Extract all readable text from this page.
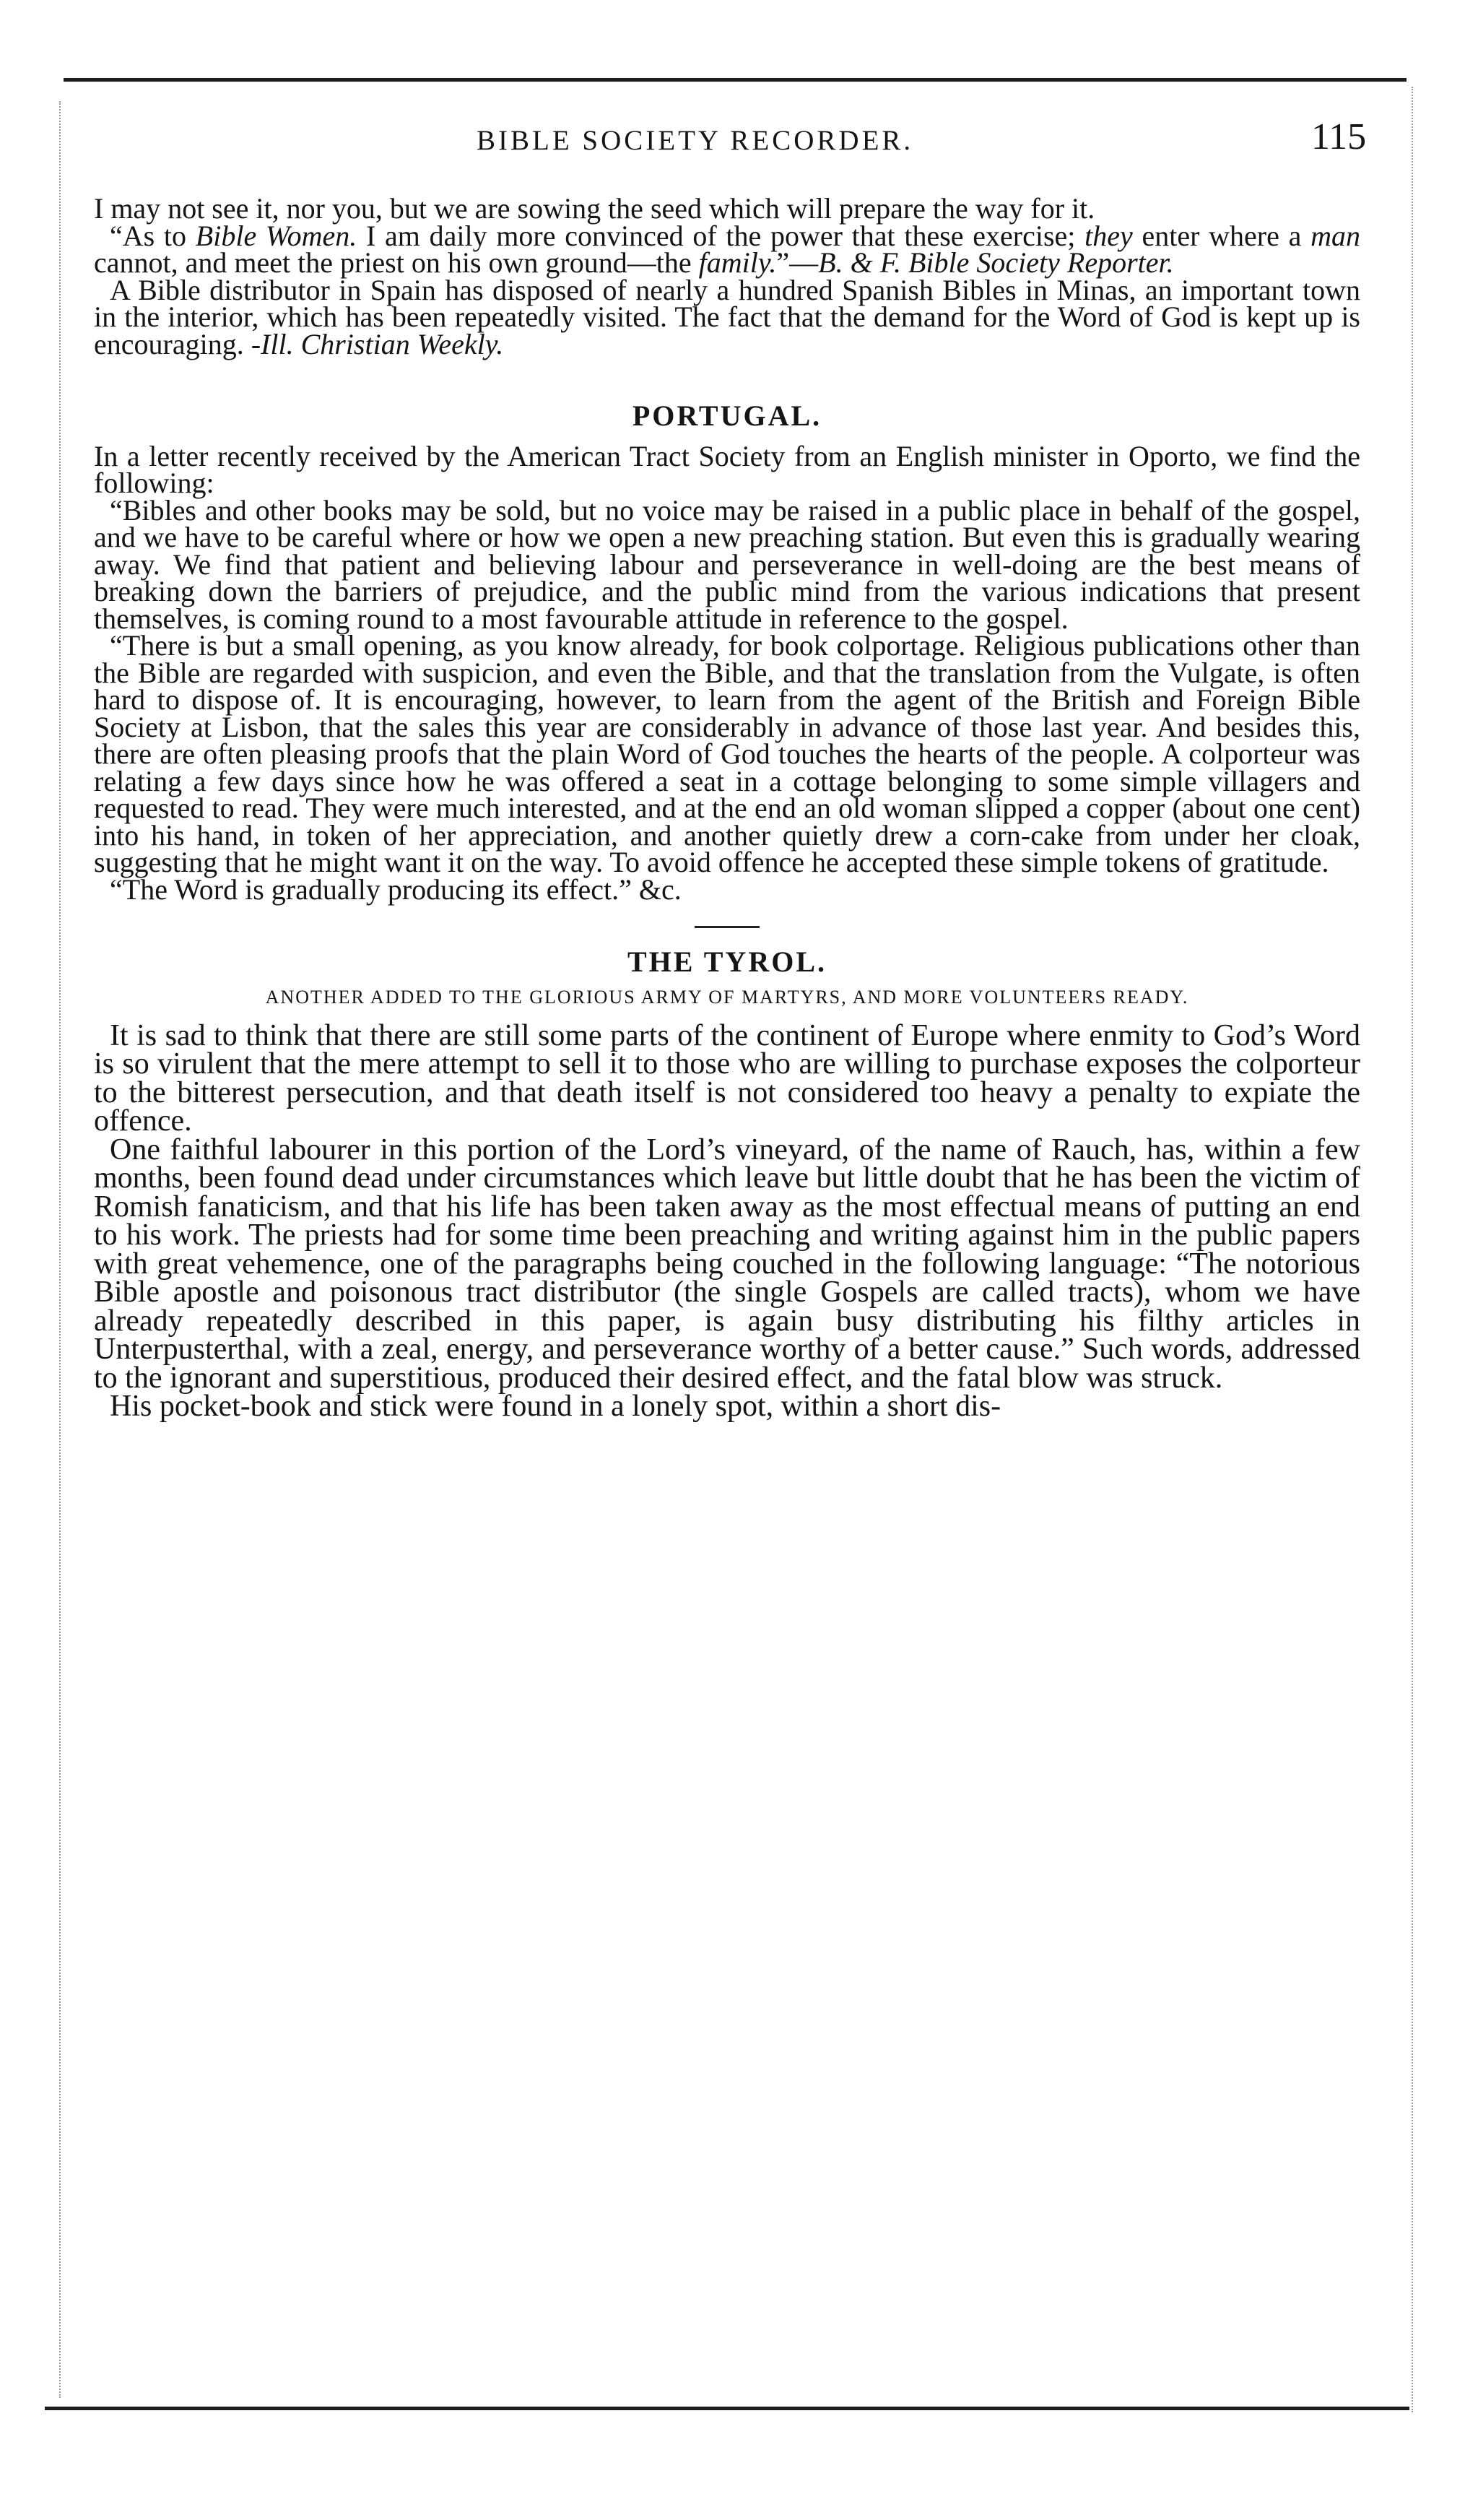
BIBLE SOCIETY RECORDER.	115

I may not see it, nor you, but we are sowing the seed which will prepare the way for it.

“As to Bible Women. I am daily more convinced of the power that these exercise; they enter where a man cannot, and meet the priest on his own ground—the family.”—B. & F. Bible Society Reporter.

A Bible distributor in Spain has disposed of nearly a hundred Spanish Bibles in Minas, an important town in the interior, which has been repeatedly visited. The fact that the demand for the Word of God is kept up is encouraging. -Ill. Christian Weekly.

PORTUGAL.

In a letter recently received by the American Tract Society from an English minister in Oporto, we find the following:

“Bibles and other books may be sold, but no voice may be raised in a public place in behalf of the gospel, and we have to be careful where or how we open a new preaching station. But even this is gradually wearing away. We find that patient and believing labour and perseverance in well-doing are the best means of breaking down the barriers of prejudice, and the public mind from the various indications that present themselves, is coming round to a most favourable attitude in reference to the gospel.

“There is but a small opening, as you know already, for book colportage. Religious publications other than the Bible are regarded with suspicion, and even the Bible, and that the translation from the Vulgate, is often hard to dispose of. It is encouraging, however, to learn from the agent of the British and Foreign Bible Society at Lisbon, that the sales this year are considerably in advance of those last year. And besides this, there are often pleasing proofs that the plain Word of God touches the hearts of the people. A colporteur was relating a few days since how he was offered a seat in a cottage belonging to some simple villagers and requested to read. They were much interested, and at the end an old woman slipped a copper (about one cent) into his hand, in token of her appreciation, and another quietly drew a corn-cake from under her cloak, suggesting that he might want it on the way. To avoid offence he accepted these simple tokens of gratitude.

“The Word is gradually producing its effect.” &c.

THE TYROL.
ANOTHER ADDED TO THE GLORIOUS ARMY OF MARTYRS, AND MORE VOLUNTEERS READY.

It is sad to think that there are still some parts of the continent of Europe where enmity to God’s Word is so virulent that the mere attempt to sell it to those who are willing to purchase exposes the colporteur to the bitterest persecution, and that death itself is not considered too heavy a penalty to expiate the offence.

One faithful labourer in this portion of the Lord’s vineyard, of the name of Rauch, has, within a few months, been found dead under circumstances which leave but little doubt that he has been the victim of Romish fanaticism, and that his life has been taken away as the most effectual means of putting an end to his work. The priests had for some time been preaching and writing against him in the public papers with great vehemence, one of the paragraphs being couched in the following language: “The notorious Bible apostle and poisonous tract distributor (the single Gospels are called tracts), whom we have already repeatedly described in this paper, is again busy distributing his filthy articles in Unterpusterthal, with a zeal, energy, and perseverance worthy of a better cause.” Such words, addressed to the ignorant and superstitious, produced their desired effect, and the fatal blow was struck.

His pocket-book and stick were found in a lonely spot, within a short dis-
